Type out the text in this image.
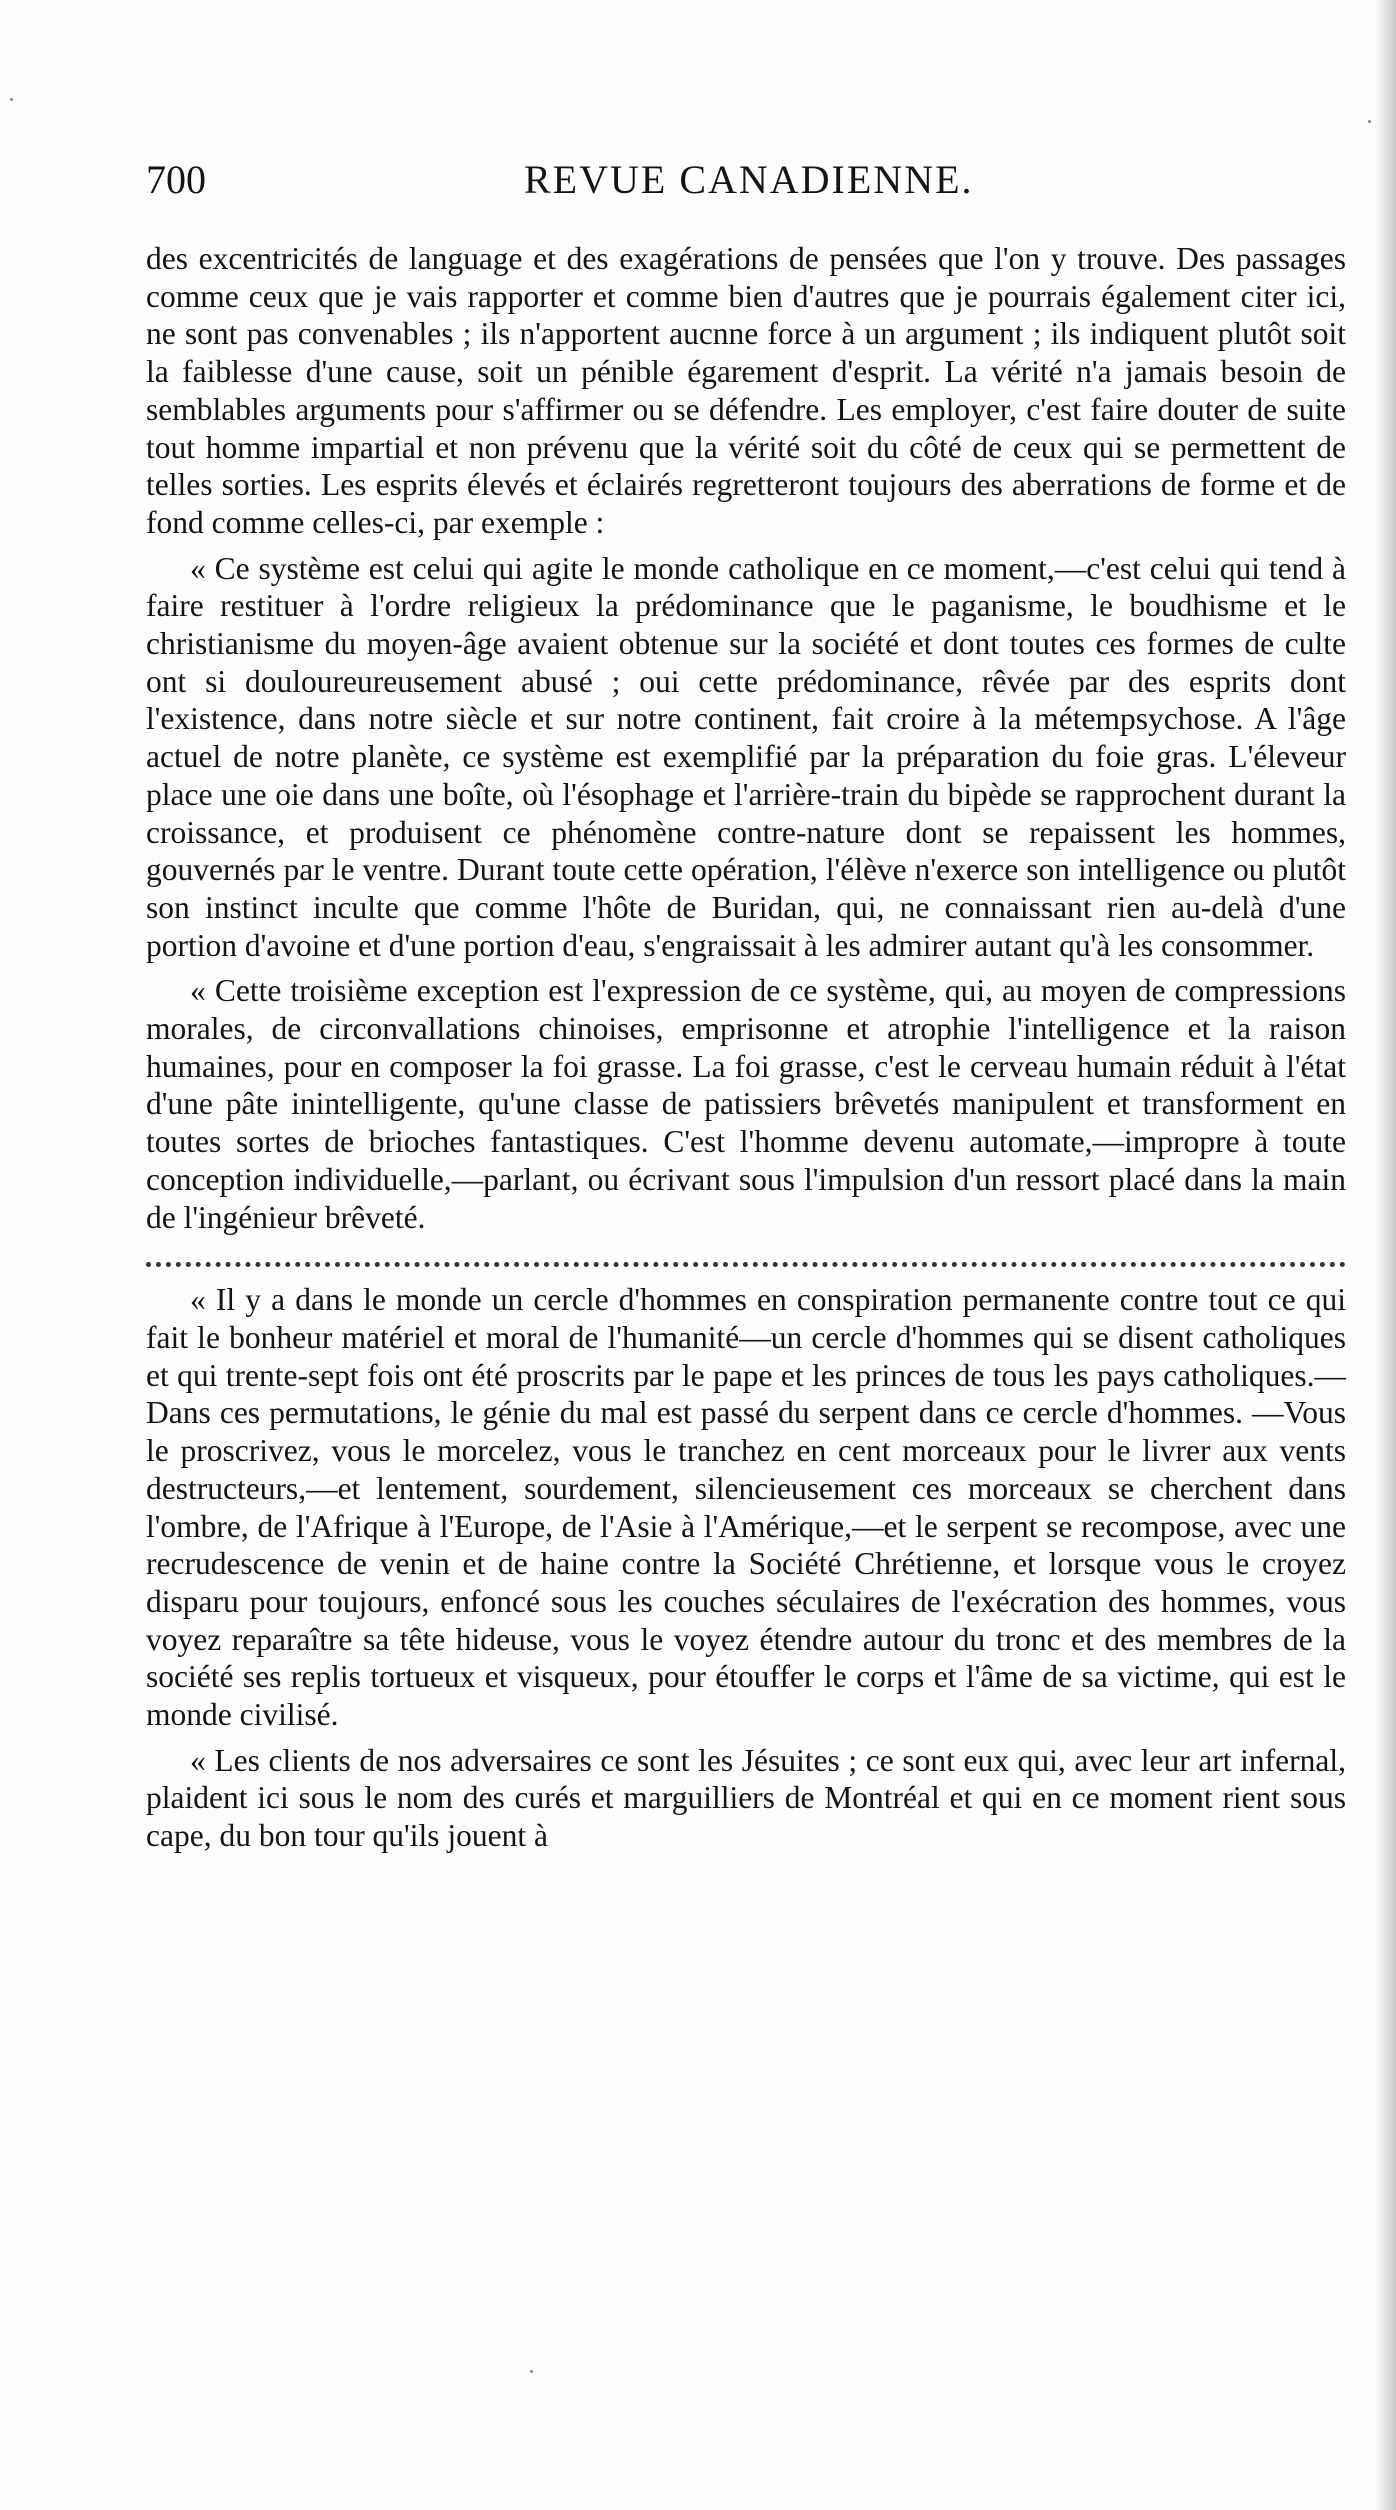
700	REVUE CANADIENNE.

des excentricités de language et des exagérations de pensées que l'on y trouve. Des passages comme ceux que je vais rapporter et comme bien d'autres que je pourrais également citer ici, ne sont pas convenables ; ils n'apportent aucnne force à un argument ; ils indiquent plutôt soit la faiblesse d'une cause, soit un pénible égarement d'esprit. La vérité n'a jamais besoin de semblables arguments pour s'affirmer ou se défendre. Les employer, c'est faire douter de suite tout homme impartial et non prévenu que la vérité soit du côté de ceux qui se permettent de telles sorties. Les esprits élevés et éclairés regretteront toujours des aberrations de forme et de fond comme celles-ci, par exemple :

« Ce système est celui qui agite le monde catholique en ce moment,—c'est celui qui tend à faire restituer à l'ordre religieux la prédominance que le paganisme, le boudhisme et le christianisme du moyen-âge avaient obtenue sur la société et dont toutes ces formes de culte ont si douloureureusement abusé ; oui cette prédominance, rêvée par des esprits dont l'existence, dans notre siècle et sur notre continent, fait croire à la métempsychose. A l'âge actuel de notre planète, ce système est exemplifié par la préparation du foie gras. L'éleveur place une oie dans une boîte, où l'ésophage et l'arrière-train du bipède se rapprochent durant la croissance, et produisent ce phénomène contre-nature dont se repaissent les hommes, gouvernés par le ventre. Durant toute cette opération, l'élève n'exerce son intelligence ou plutôt son instinct inculte que comme l'hôte de Buridan, qui, ne connaissant rien au-delà d'une portion d'avoine et d'une portion d'eau, s'engraissait à les admirer autant qu'à les consommer.

« Cette troisième exception est l'expression de ce système, qui, au moyen de compressions morales, de circonvallations chinoises, emprisonne et atrophie l'intelligence et la raison humaines, pour en composer la foi grasse. La foi grasse, c'est le cerveau humain réduit à l'état d'une pâte inintelligente, qu'une classe de patissiers brêvetés manipulent et transforment en toutes sortes de brioches fantastiques. C'est l'homme devenu automate,—impropre à toute conception individuelle,—parlant, ou écrivant sous l'impulsion d'un ressort placé dans la main de l'ingénieur brêveté.

« Il y a dans le monde un cercle d'hommes en conspiration permanente contre tout ce qui fait le bonheur matériel et moral de l'humanité—un cercle d'hommes qui se disent catholiques et qui trente-sept fois ont été proscrits par le pape et les princes de tous les pays catholiques.—Dans ces permutations, le génie du mal est passé du serpent dans ce cercle d'hommes. —Vous le proscrivez, vous le morcelez, vous le tranchez en cent morceaux pour le livrer aux vents destructeurs,—et lentement, sourdement, silencieusement ces morceaux se cherchent dans l'ombre, de l'Afrique à l'Europe, de l'Asie à l'Amérique,—et le serpent se recompose, avec une recrudescence de venin et de haine contre la Société Chrétienne, et lorsque vous le croyez disparu pour toujours, enfoncé sous les couches séculaires de l'exécration des hommes, vous voyez reparaître sa tête hideuse, vous le voyez étendre autour du tronc et des membres de la société ses replis tortueux et visqueux, pour étouffer le corps et l'âme de sa victime, qui est le monde civilisé.

« Les clients de nos adversaires ce sont les Jésuites ; ce sont eux qui, avec leur art infernal, plaident ici sous le nom des curés et marguilliers de Montréal et qui en ce moment rient sous cape, du bon tour qu'ils jouent à
